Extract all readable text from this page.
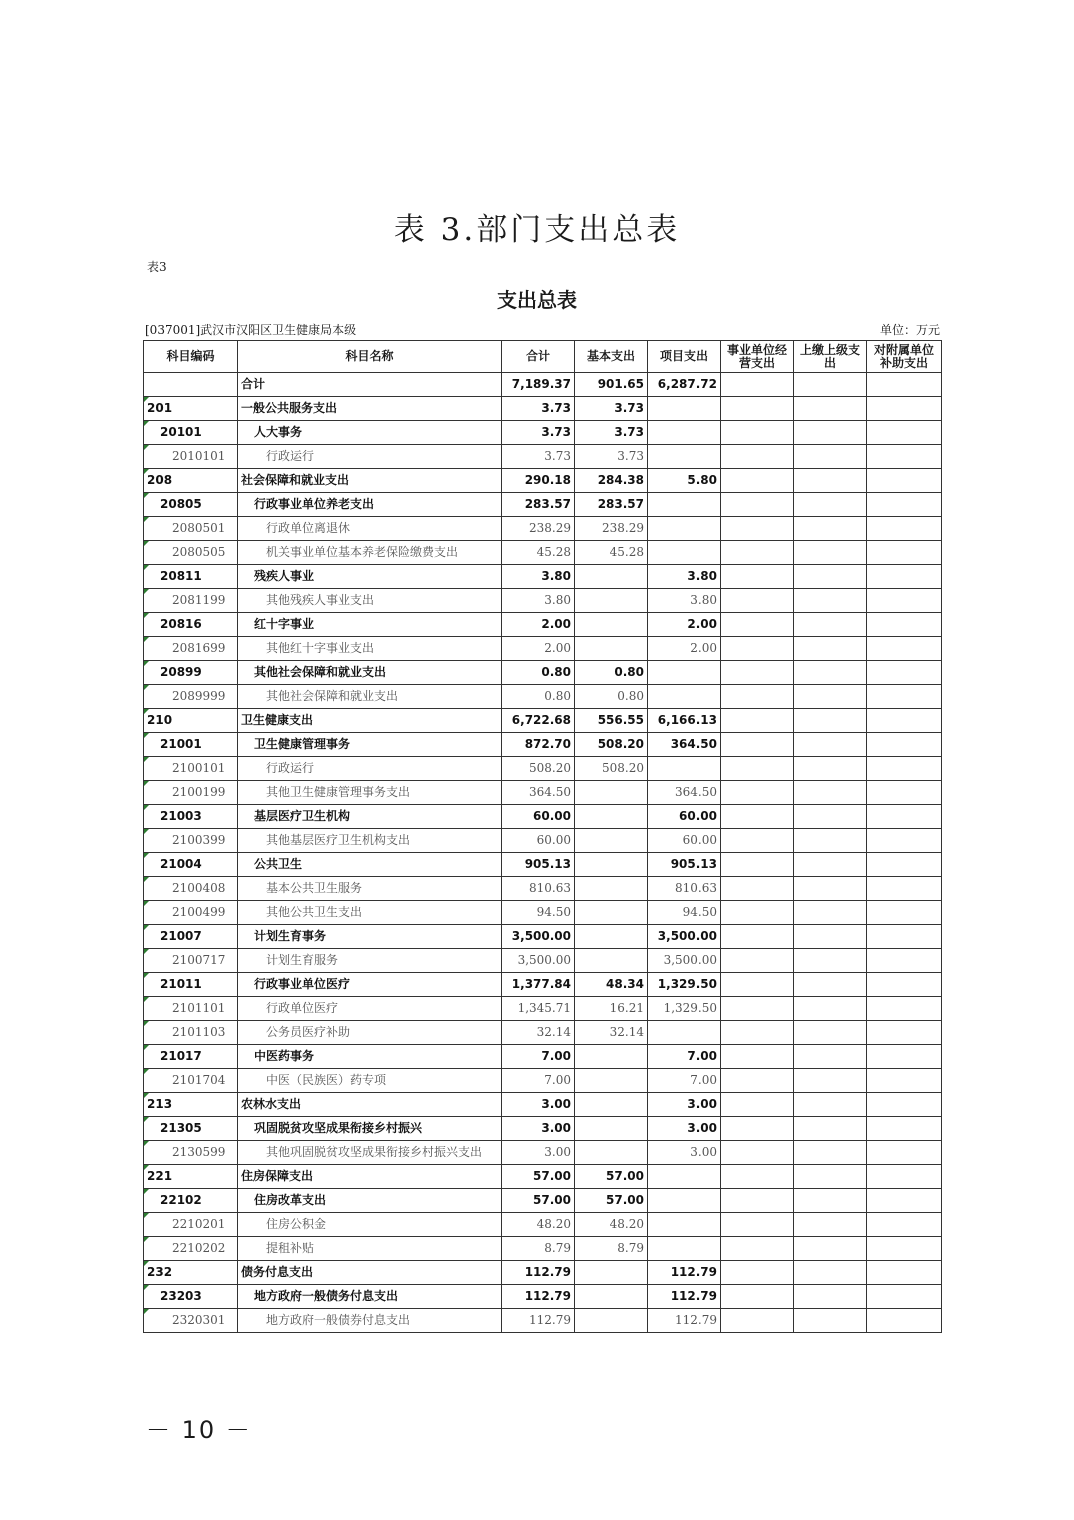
表 3.部门支出总表
表3
支出总表
[037001]武汉市汉阳区卫生健康局本级	单位：万元
科目编码	科目名称	合计	基本支出	项目支出	事业单位经营支出	上缴上级支出	对附属单位补助支出
	合计	7,189.37	901.65	6,287.72			
201	一般公共服务支出	3.73	3.73				
20101	人大事务	3.73	3.73				
2010101	行政运行	3.73	3.73				
208	社会保障和就业支出	290.18	284.38	5.80			
20805	行政事业单位养老支出	283.57	283.57				
2080501	行政单位离退休	238.29	238.29				
2080505	机关事业单位基本养老保险缴费支出	45.28	45.28				
20811	残疾人事业	3.80		3.80			
2081199	其他残疾人事业支出	3.80		3.80			
20816	红十字事业	2.00		2.00			
2081699	其他红十字事业支出	2.00		2.00			
20899	其他社会保障和就业支出	0.80	0.80				
2089999	其他社会保障和就业支出	0.80	0.80				
210	卫生健康支出	6,722.68	556.55	6,166.13			
21001	卫生健康管理事务	872.70	508.20	364.50			
2100101	行政运行	508.20	508.20				
2100199	其他卫生健康管理事务支出	364.50		364.50			
21003	基层医疗卫生机构	60.00		60.00			
2100399	其他基层医疗卫生机构支出	60.00		60.00			
21004	公共卫生	905.13		905.13			
2100408	基本公共卫生服务	810.63		810.63			
2100499	其他公共卫生支出	94.50		94.50			
21007	计划生育事务	3,500.00		3,500.00			
2100717	计划生育服务	3,500.00		3,500.00			
21011	行政事业单位医疗	1,377.84	48.34	1,329.50			
2101101	行政单位医疗	1,345.71	16.21	1,329.50			
2101103	公务员医疗补助	32.14	32.14				
21017	中医药事务	7.00		7.00			
2101704	中医（民族医）药专项	7.00		7.00			
213	农林水支出	3.00		3.00			
21305	巩固脱贫攻坚成果衔接乡村振兴	3.00		3.00			
2130599	其他巩固脱贫攻坚成果衔接乡村振兴支出	3.00		3.00			
221	住房保障支出	57.00	57.00				
22102	住房改革支出	57.00	57.00				
2210201	住房公积金	48.20	48.20				
2210202	提租补贴	8.79	8.79				
232	债务付息支出	112.79		112.79			
23203	地方政府一般债务付息支出	112.79		112.79			
2320301	地方政府一般债券付息支出	112.79		112.79			
－ 10 －
